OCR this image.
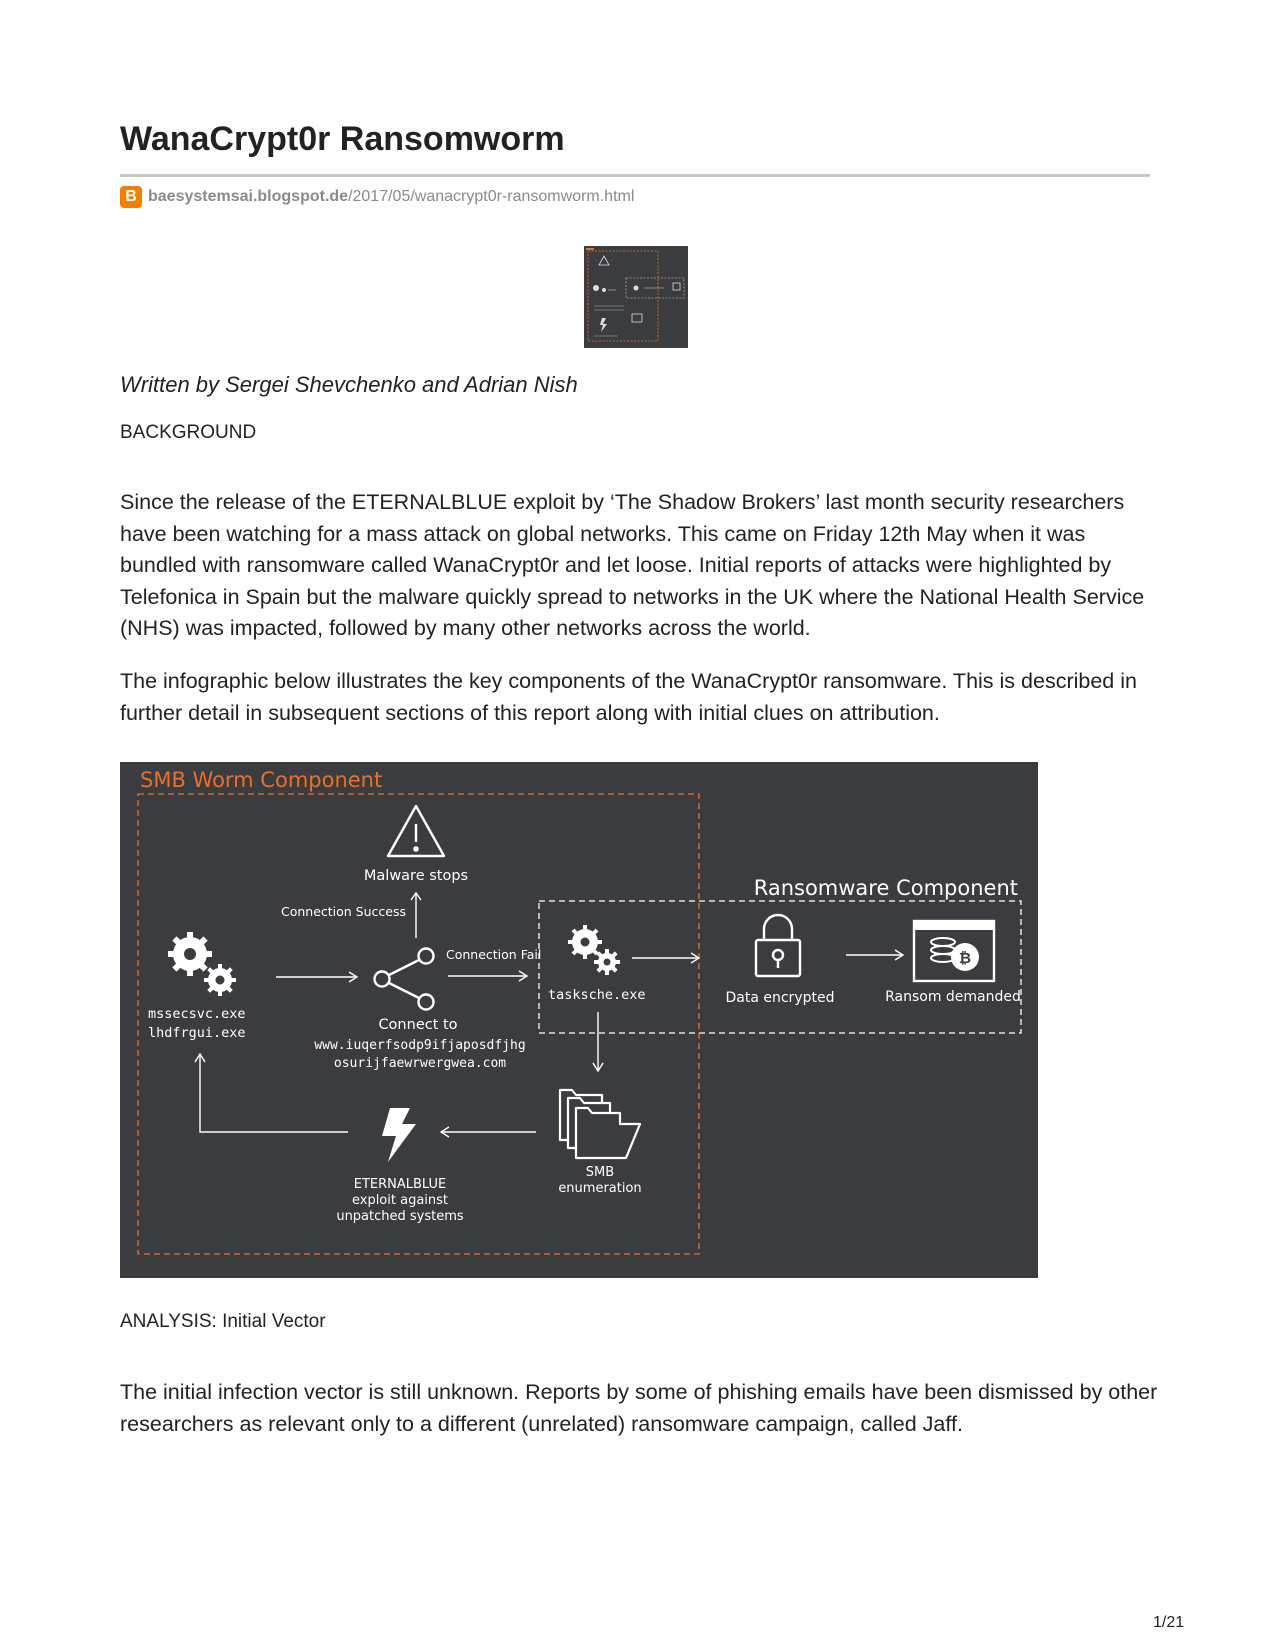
WanaCrypt0r Ransomworm
B baesystemsai.blogspot.de /2017/05/wanacrypt0r-ransomworm.html

Written by Sergei Shevchenko and Adrian Nish

BACKGROUND

Since the release of the ETERNALBLUE exploit by ‘The Shadow Brokers’ last month security researchers have been watching for a mass attack on global networks. This came on Friday 12th May when it was bundled with ransomware called WanaCrypt0r and let loose. Initial reports of attacks were highlighted by Telefonica in Spain but the malware quickly spread to networks in the UK where the National Health Service (NHS) was impacted, followed by many other networks across the world.

The infographic below illustrates the key components of the WanaCrypt0r ransomware. This is described in further detail in subsequent sections of this report along with initial clues on attribution.

SMB Worm Component
Ransomware Component
Malware stops
Connection Success
mssecsvc.exe
lhdfrgui.exe	Connect to
www.iuqerfsodp9ifjaposdfjhg
osurijfaewrwergwea.com
Connection Fail
tasksche.exe	Data encrypted
₿
Ransom demanded
SMB
enumeration
ETERNALBLUE
exploit against
unpatched systems

ANALYSIS: Initial Vector

The initial infection vector is still unknown. Reports by some of phishing emails have been dismissed by other researchers as relevant only to a different (unrelated) ransomware campaign, called Jaff.

1/21
